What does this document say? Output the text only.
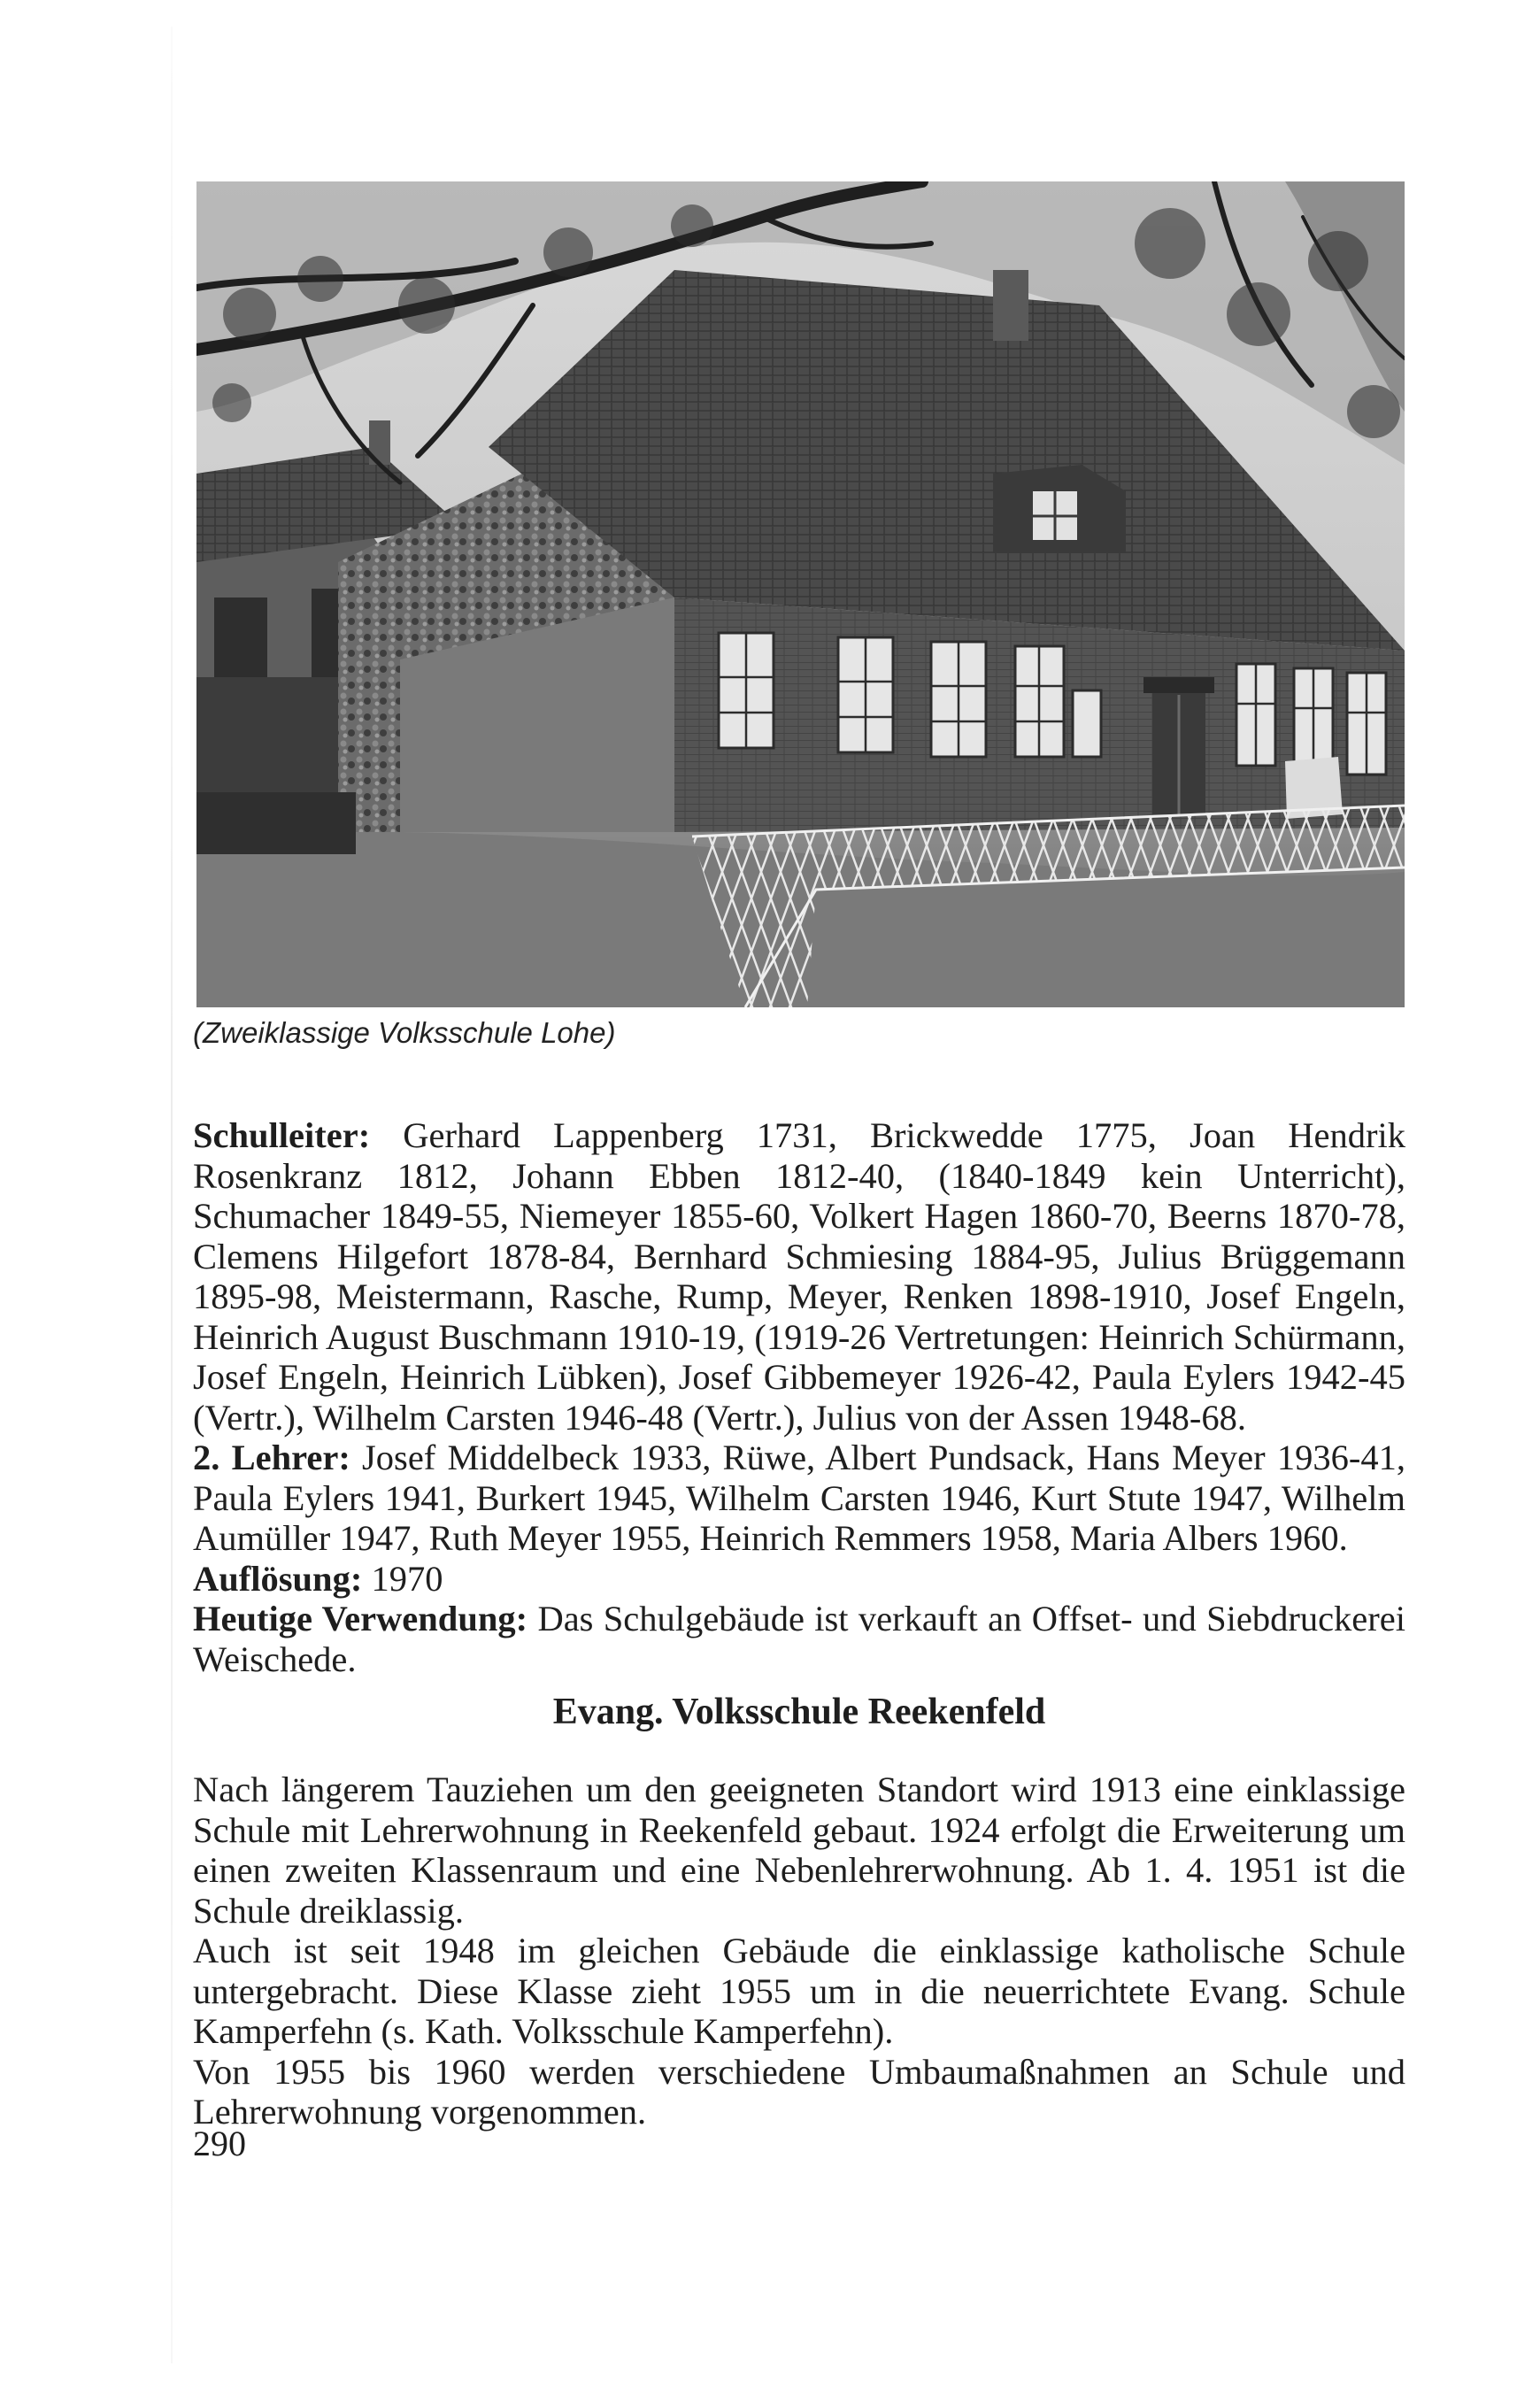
(Zweiklassige Volksschule Lohe)

Schulleiter: Gerhard Lappenberg 1731, Brickwedde 1775, Joan Hendrik Rosenkranz 1812, Johann Ebben 1812-40, (1840-1849 kein Unterricht), Schumacher 1849-55, Niemeyer 1855-60, Volkert Hagen 1860-70, Beerns 1870-78, Clemens Hilgefort 1878-84, Bernhard Schmiesing 1884-95, Julius Brüggemann 1895-98, Meistermann, Rasche, Rump, Meyer, Renken 1898-1910, Josef Engeln, Heinrich August Buschmann 1910-19, (1919-26 Vertretungen: Heinrich Schürmann, Josef Engeln, Heinrich Lübken), Josef Gibbemeyer 1926-42, Paula Eylers 1942-45 (Vertr.), Wilhelm Carsten 1946-48 (Vertr.), Julius von der Assen 1948-68.

2. Lehrer: Josef Middelbeck 1933, Rüwe, Albert Pundsack, Hans Meyer 1936-41, Paula Eylers 1941, Burkert 1945, Wilhelm Carsten 1946, Kurt Stute 1947, Wilhelm Aumüller 1947, Ruth Meyer 1955, Heinrich Remmers 1958, Maria Albers 1960.

Auflösung: 1970

Heutige Verwendung: Das Schulgebäude ist verkauft an Offset- und Siebdruckerei Weischede.

Evang. Volksschule Reekenfeld

Nach längerem Tauziehen um den geeigneten Standort wird 1913 eine einklassige Schule mit Lehrerwohnung in Reekenfeld gebaut. 1924 erfolgt die Erweiterung um einen zweiten Klassenraum und eine Nebenlehrerwohnung. Ab 1. 4. 1951 ist die Schule dreiklassig.

Auch ist seit 1948 im gleichen Gebäude die einklassige katholische Schule untergebracht. Diese Klasse zieht 1955 um in die neuerrichtete Evang. Schule Kamperfehn (s. Kath. Volksschule Kamperfehn).

Von 1955 bis 1960 werden verschiedene Umbaumaßnahmen an Schule und Lehrerwohnung vorgenommen.

290
